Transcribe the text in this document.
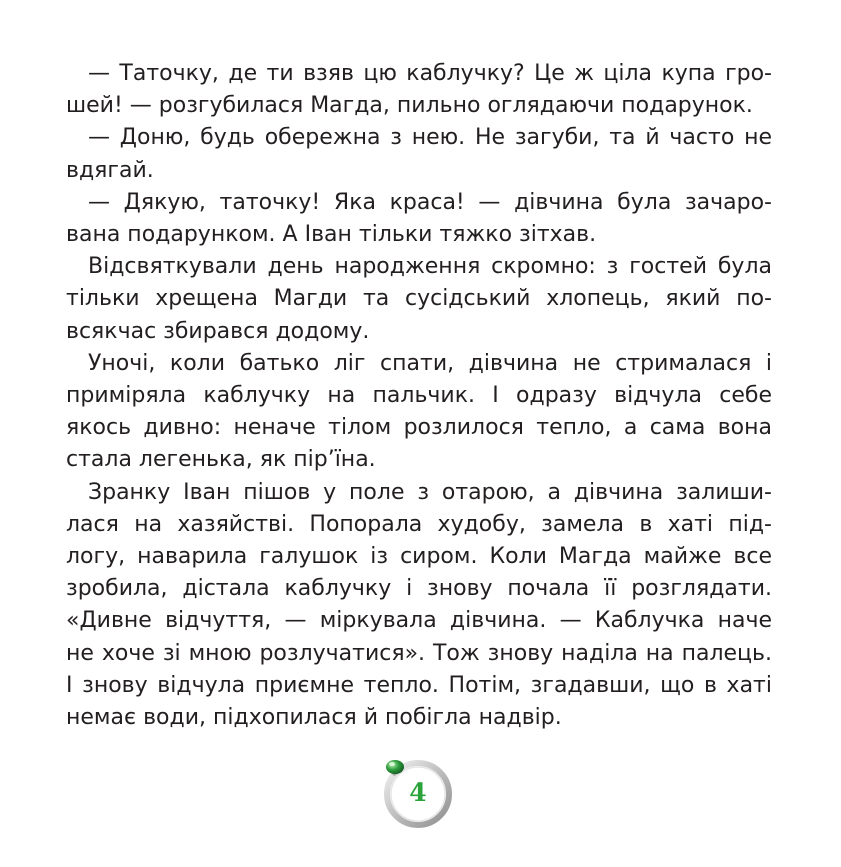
— Таточку, де ти взяв цю каблучку? Це ж ціла купа гро-
шей! — розгубилася Магда, пильно оглядаючи подарунок.
— Доню, будь обережна з нею. Не загуби, та й часто не
вдягай.
— Дякую, таточку! Яка краса! — дівчина була зачаро-
вана подарунком. А Іван тільки тяжко зітхав.
Відсвяткували день народження скромно: з гостей була
тільки хрещена Магди та сусідський хлопець, який по-
всякчас збирався додому.
Уночі, коли батько ліг спати, дівчина не стрималася і
приміряла каблучку на пальчик. І одразу відчула себе
якось дивно: неначе тілом розлилося тепло, а сама вона
стала легенька, як пір’їна.
Зранку Іван пішов у поле з отарою, а дівчина залиши-
лася на хазяйстві. Попорала худобу, замела в хаті під-
логу, наварила галушок із сиром. Коли Магда майже все
зробила, дістала каблучку і знову почала її розглядати.
«Дивне відчуття, — міркувала дівчина. — Каблучка наче
не хоче зі мною розлучатися». Тож знову наділа на палець.
І знову відчула приємне тепло. Потім, згадавши, що в хаті
немає води, підхопилася й побігла надвір.
4
